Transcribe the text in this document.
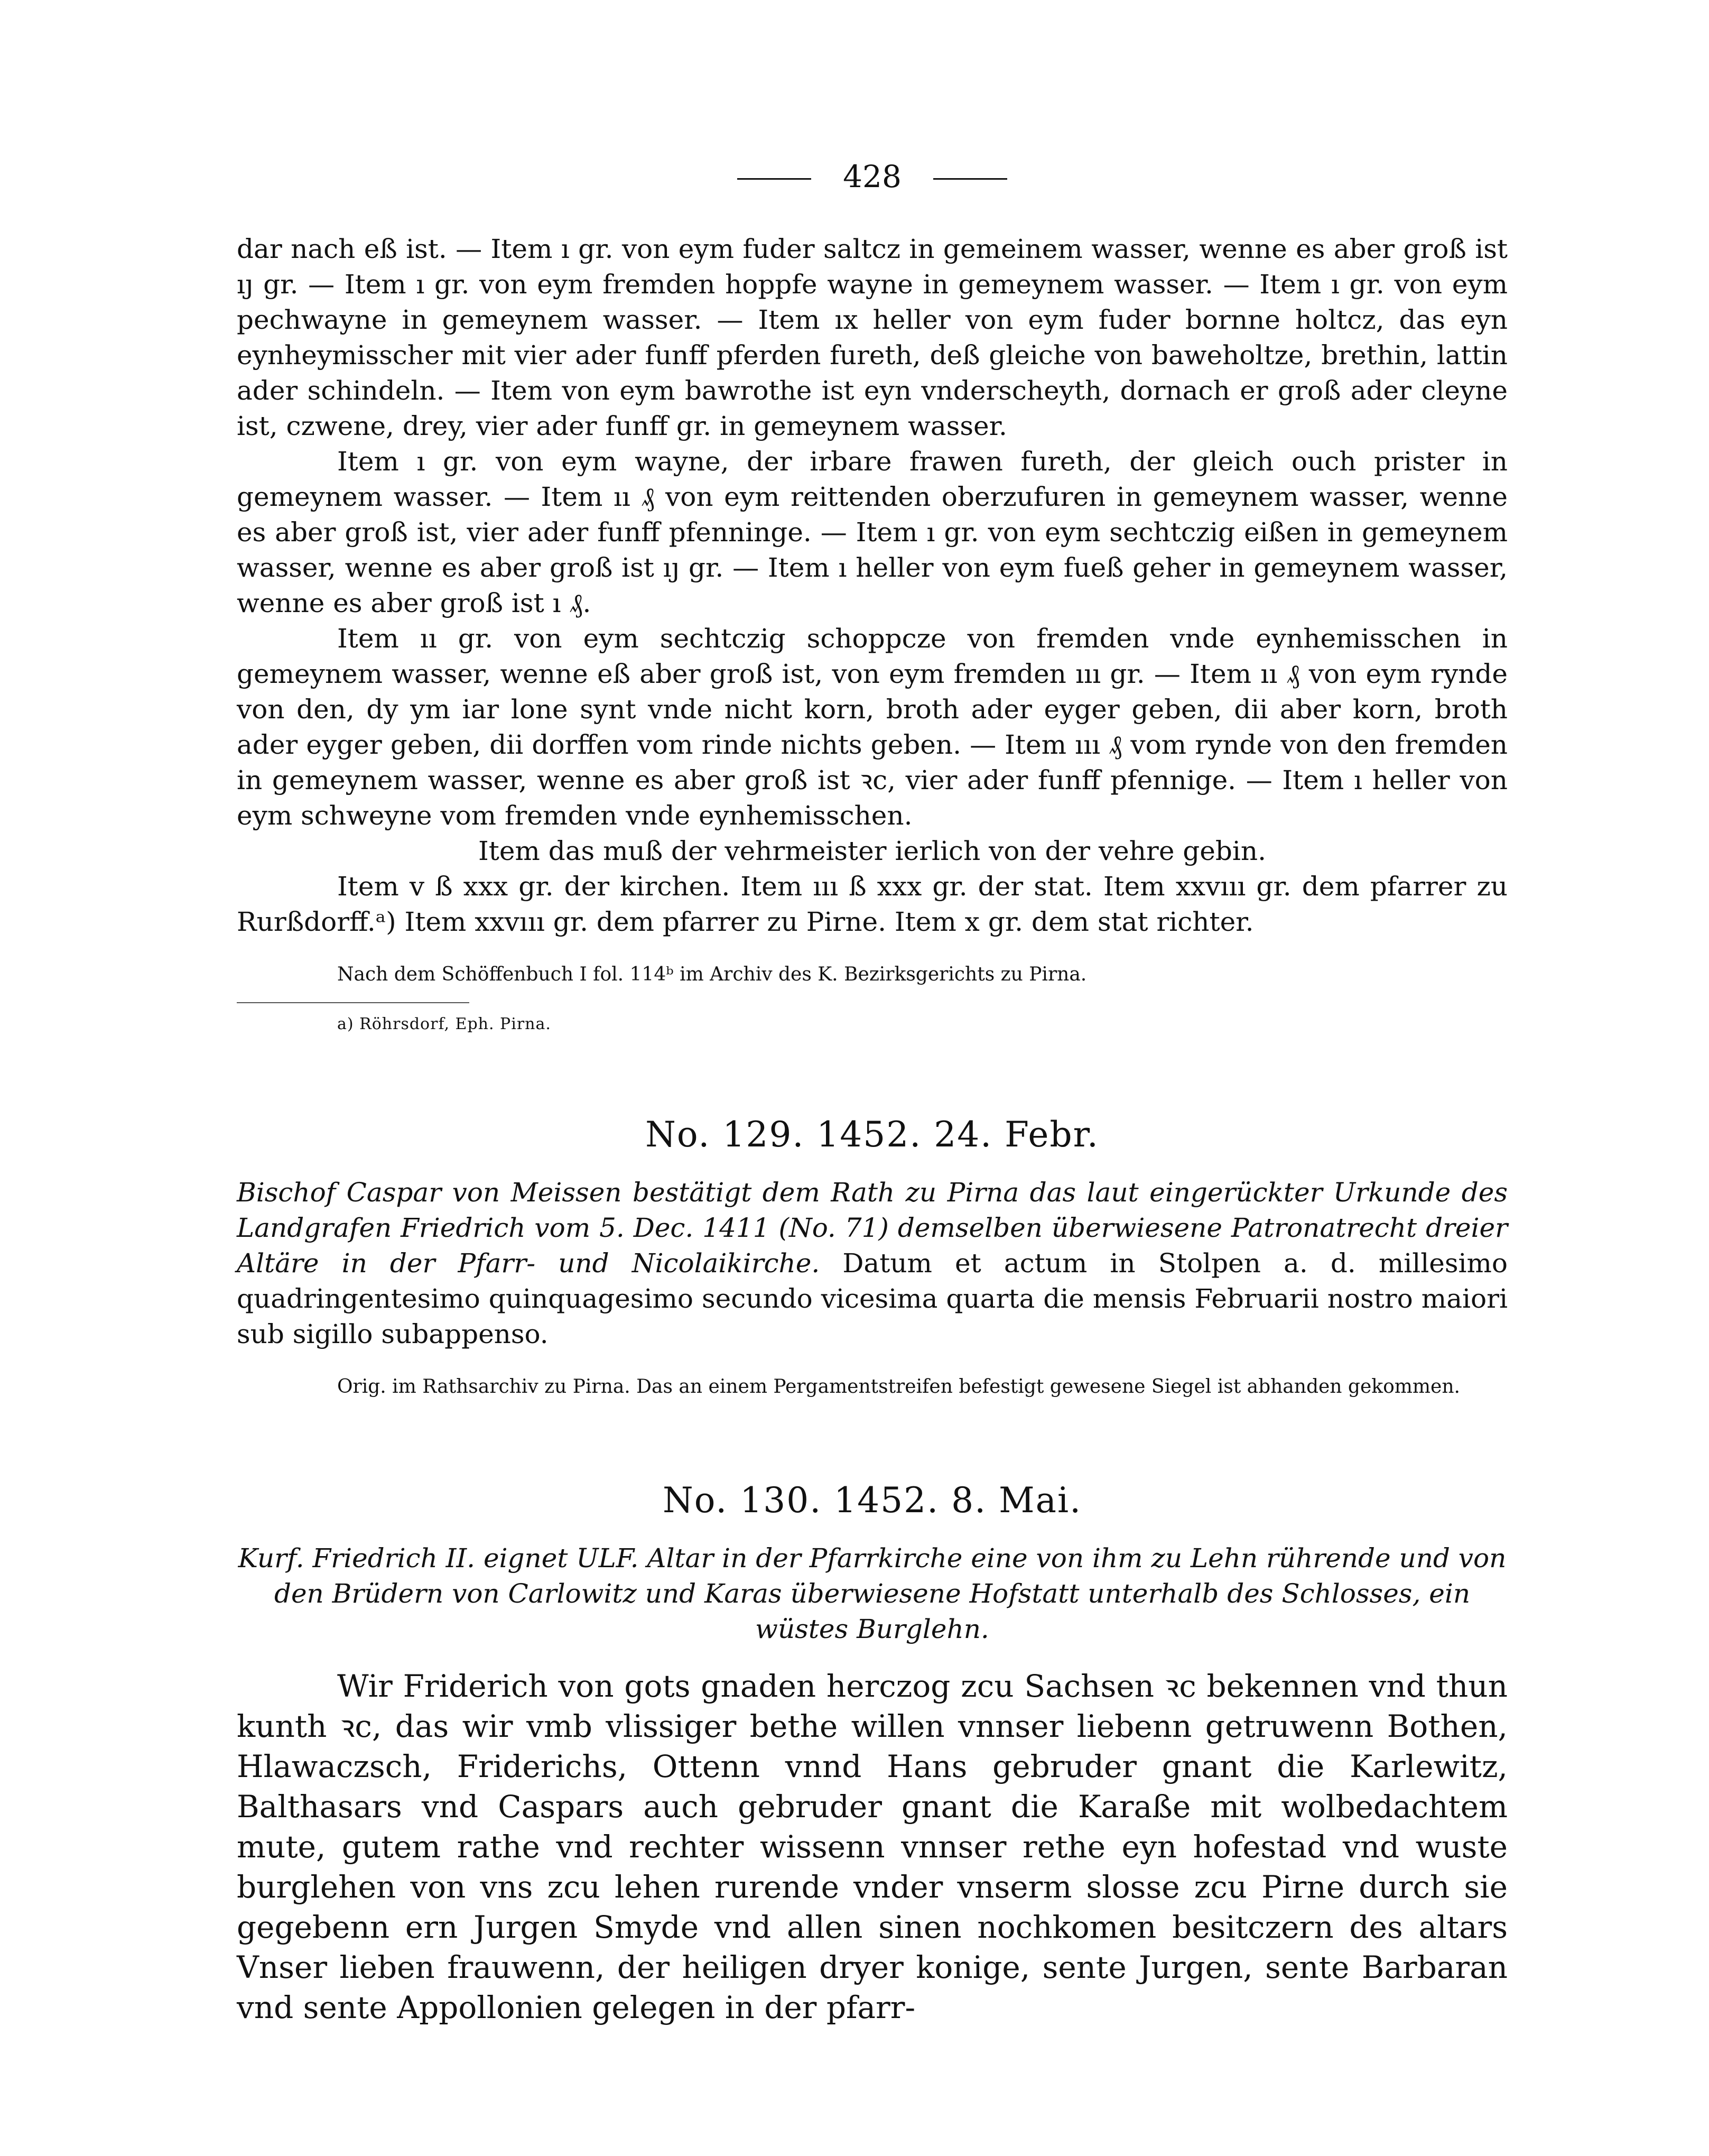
428

dar nach eß ist. — Item ı gr. von eym fuder saltcz in gemeinem wasser, wenne es aber groß ist ıȷ gr. — Item ı gr. von eym fremden hoppfe wayne in gemeynem wasser. — Item ı gr. von eym pechwayne in gemeynem wasser. — Item ıx heller von eym fuder bornne holtcz, das eyn eynheymisscher mit vier ader funff pferden fureth, deß gleiche von baweholtze, brethin, lattin ader schindeln. — Item von eym bawrothe ist eyn vnderscheyth, dornach er groß ader cleyne ist, czwene, drey, vier ader funff gr. in gemeynem wasser.

Item ı gr. von eym wayne, der irbare frawen fureth, der gleich ouch prister in gemeynem wasser. — Item ıı ₰ von eym reittenden oberzufuren in gemeynem wasser, wenne es aber groß ist, vier ader funff pfenninge. — Item ı gr. von eym sechtczig eißen in gemeynem wasser, wenne es aber groß ist ıȷ gr. — Item ı heller von eym fueß geher in gemeynem wasser, wenne es aber groß ist ı ₰.

Item ıı gr. von eym sechtczig schoppcze von fremden vnde eynhemisschen in gemeynem wasser, wenne eß aber groß ist, von eym fremden ııı gr. — Item ıı ₰ von eym rynde von den, dy ym iar lone synt vnde nicht korn, broth ader eyger geben, dii aber korn, broth ader eyger geben, dii dorffen vom rinde nichts geben. — Item ııı ₰ vom rynde von den fremden in gemeynem wasser, wenne es aber groß ist ꝛc, vier ader funff pfennige. — Item ı heller von eym schweyne vom fremden vnde eynhemisschen.

Item das muß der vehrmeister ierlich von der vehre gebin.

Item v ß xxx gr. der kirchen. Item ııı ß xxx gr. der stat. Item xxvııı gr. dem pfarrer zu Rurßdorff.ᵃ) Item xxvııı gr. dem pfarrer zu Pirne. Item x gr. dem stat richter.

Nach dem Schöffenbuch I fol. 114ᵇ im Archiv des K. Bezirksgerichts zu Pirna.
a) Röhrsdorf, Eph. Pirna.
No. 129. 1452. 24. Febr.

Bischof Caspar von Meissen bestätigt dem Rath zu Pirna das laut eingerückter Urkunde des Landgrafen Friedrich vom 5. Dec. 1411 (No. 71) demselben überwiesene Patronatrecht dreier Altäre in der Pfarr- und Nicolaikirche. Datum et actum in Stolpen a. d. millesimo quadringentesimo quinquagesimo secundo vicesima quarta die mensis Februarii nostro maiori sub sigillo subappenso.

Orig. im Rathsarchiv zu Pirna. Das an einem Pergamentstreifen befestigt gewesene Siegel ist abhanden gekommen.
No. 130. 1452. 8. Mai.

Kurf. Friedrich II. eignet ULF. Altar in der Pfarrkirche eine von ihm zu Lehn rührende und von den Brüdern von Carlowitz und Karas überwiesene Hofstatt unterhalb des Schlosses, ein wüstes Burglehn.

Wir Friderich von gots gnaden herczog zcu Sachsen ꝛc bekennen vnd thun kunth ꝛc, das wir vmb vlissiger bethe willen vnnser liebenn getruwenn Bothen, Hlawaczsch, Friderichs, Ottenn vnnd Hans gebruder gnant die Karlewitz, Balthasars vnd Caspars auch gebruder gnant die Karaße mit wolbedachtem mute, gutem rathe vnd rechter wissenn vnnser rethe eyn hofestad vnd wuste burglehen von vns zcu lehen rurende vnder vnserm slosse zcu Pirne durch sie gegebenn ern Jurgen Smyde vnd allen sinen nochkomen besitczern des altars Vnser lieben frauwenn, der heiligen dryer konige, sente Jurgen, sente Barbaran vnd sente Appollonien gelegen in der pfarr-
